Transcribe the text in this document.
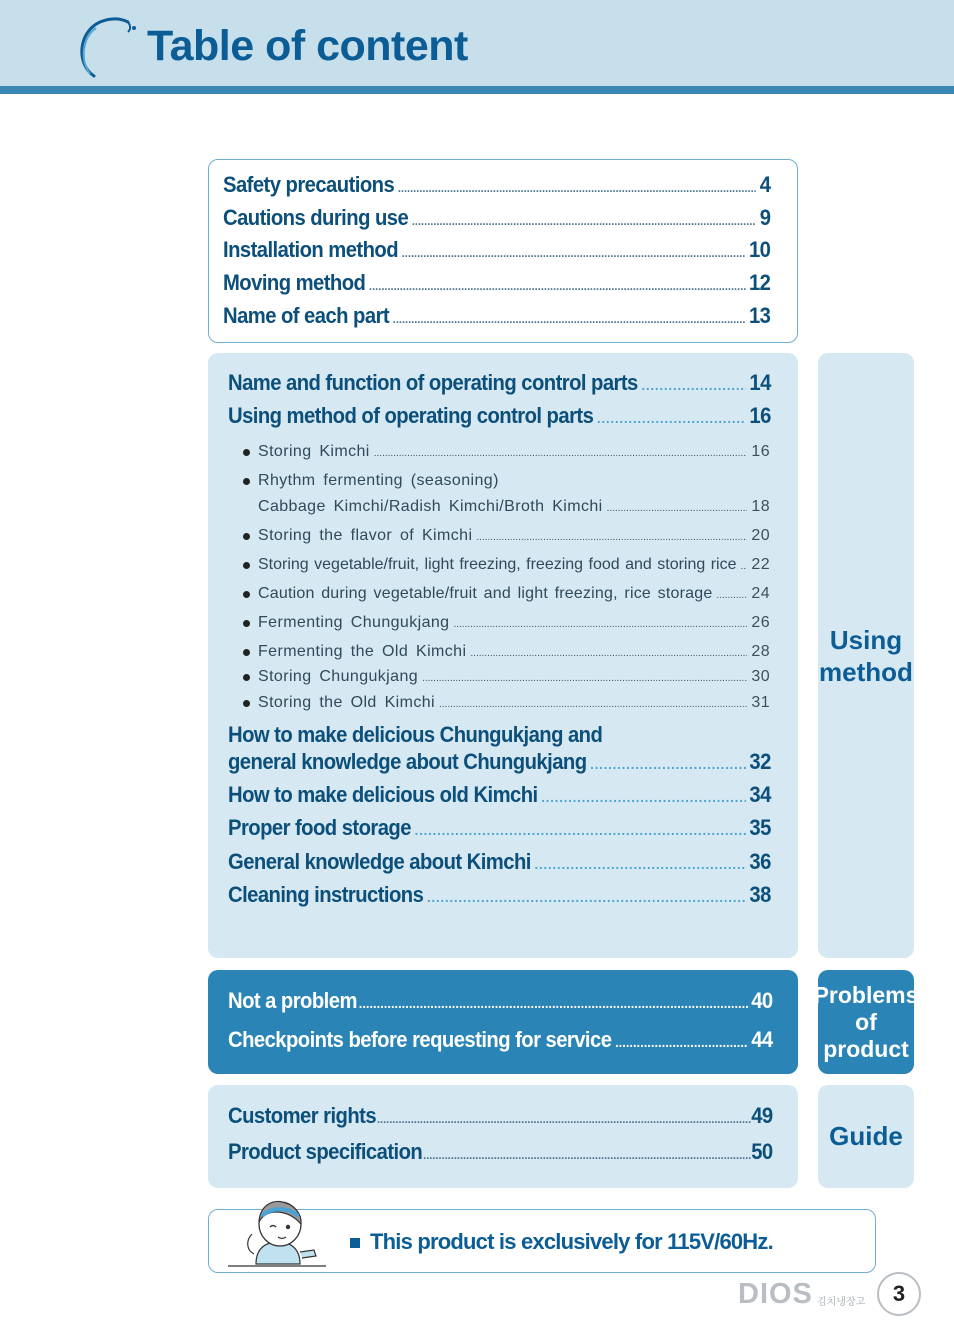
Table of content
Safety precautions .....	4
Cautions during use .....	9
Installation method .....	10
Moving method .....	12
Name of each part .....	13
Using
method
Name and function of operating control parts .....	14
Using method of operating control parts .....	16
Storing Kimchi .....	16
Rhythm fermenting (seasoning)
Cabbage Kimchi/Radish Kimchi/Broth Kimchi .....	18
Storing the flavor of Kimchi .....	20
Storing vegetable/fruit, light freezing, freezing food and storing rice ..... 22
Caution during vegetable/fruit and light freezing, rice storage ..... 24
Fermenting Chungukjang .....	26
Fermenting the Old Kimchi .....	28
Storing Chungukjang .....	30
Storing the Old Kimchi .....	31
How to make delicious Chungukjang and
general knowledge about Chungukjang .....	32
How to make delicious old Kimchi .....	34
Proper food storage .....	35
General knowledge about Kimchi .....	36
Cleaning instructions .....	38
Problems
of
product
Not a problem .....	40
Checkpoints before requesting for service .....	44
Guide
Customer rights .....	49
Product specification .....	50
This product is exclusively for 115V/60Hz.
DIOS 김치냉장고	3
